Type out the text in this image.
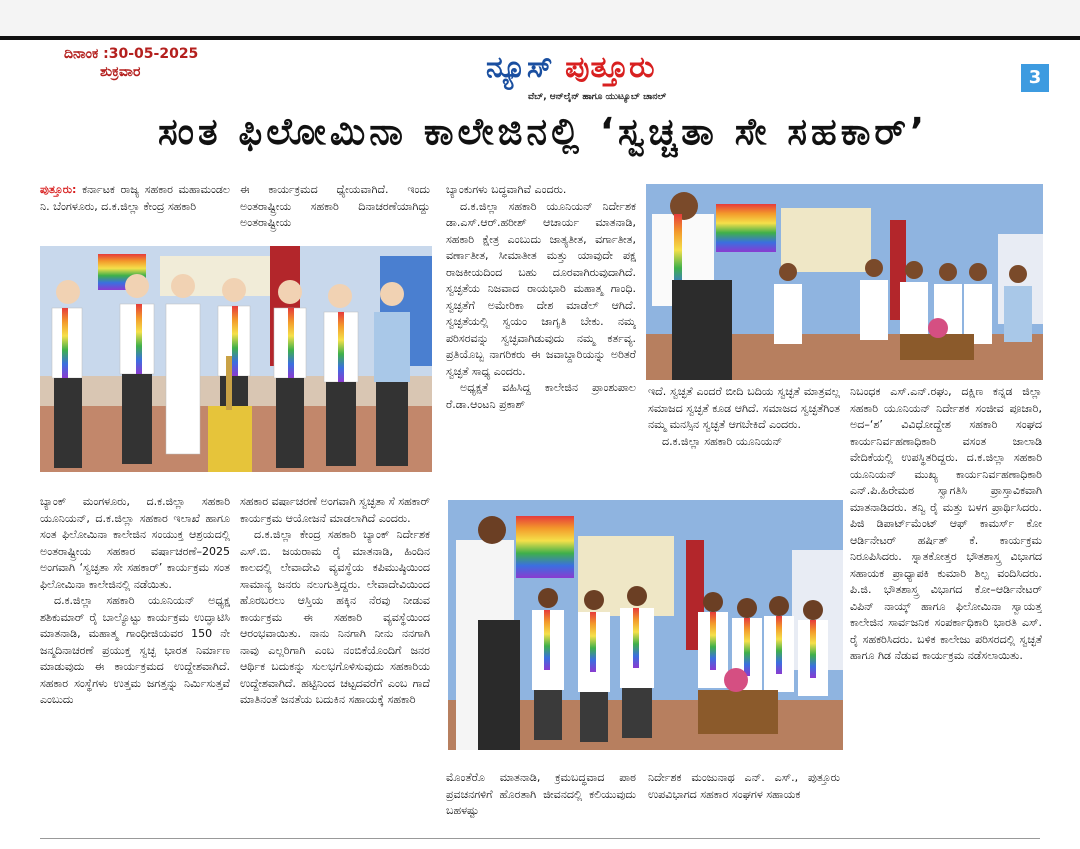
ದಿನಾಂಕ :30-05-2025
ಶುಕ್ರವಾರ	ನ್ಯೂಸ್ ಪುತ್ತೂರು
ವೆಬ್, ಆನ್‌ಲೈನ್ ಹಾಗೂ ಯುಟ್ಯೂಬ್ ಚಾನಲ್
3
ಸಂತ ಫಿಲೋಮಿನಾ ಕಾಲೇಜಿನಲ್ಲಿ ‘ಸ್ವಚ್ಚತಾ ಸೇ ಸಹಕಾರ್’

ಪುತ್ತೂರು: ಕರ್ನಾಟಕ ರಾಜ್ಯ ಸಹಕಾರ ಮಹಾಮಂಡಲ ನಿ. ಬೆಂಗಳೂರು, ದ.ಕ.ಜಿಲ್ಲಾ ಕೇಂದ್ರ ಸಹಕಾರಿ

ಬ್ಯಾಂಕ್ ಮಂಗಳೂರು, ದ.ಕ.ಜಿಲ್ಲಾ ಸಹಕಾರಿ ಯೂನಿಯನ್, ದ.ಕ.ಜಿಲ್ಲಾ ಸಹಕಾರ ಇಲಾಖೆ ಹಾಗೂ ಸಂತ ಫಿಲೋಮಿನಾ ಕಾಲೇಜಿನ ಸಂಯುಕ್ತ ಆಶ್ರಯದಲ್ಲಿ ಅಂತರಾಷ್ಟ್ರೀಯ ಸಹಕಾರ ವರ್ಷಾಚರಣೆ–2025 ಅಂಗವಾಗಿ ‘ಸ್ವಚ್ಛತಾ ಸೇ ಸಹಕಾರ್’ ಕಾರ್ಯಕ್ರಮ ಸಂತ ಫಿಲೋಮಿನಾ ಕಾಲೇಜಿನಲ್ಲಿ ನಡೆಯಿತು.

ದ.ಕ.ಜಿಲ್ಲಾ ಸಹಕಾರಿ ಯೂನಿಯನ್ ಅಧ್ಯಕ್ಷ ಶಶಿಕುಮಾರ್ ರೈ ಬಾಲ್ಯೊಟ್ಟು ಕಾರ್ಯಕ್ರಮ ಉದ್ಘಾಟಿಸಿ ಮಾತನಾಡಿ, ಮಹಾತ್ಮ ಗಾಂಧೀಜಿಯವರ 150 ನೇ ಜನ್ಮದಿನಾಚರಣೆ ಪ್ರಯುಕ್ತ ಸ್ವಚ್ಛ ಭಾರತ ನಿರ್ಮಾಣ ಮಾಡುವುದು ಈ ಕಾರ್ಯಕ್ರಮದ ಉದ್ದೇಶವಾಗಿದೆ. ಸಹಕಾರ ಸಂಸ್ಥೆಗಳು ಉತ್ತಮ ಜಗತ್ತನ್ನು ನಿರ್ಮಿಸುತ್ತವೆ ಎಂಬುದು

ಈ ಕಾರ್ಯಕ್ರಮದ ಧ್ಯೇಯವಾಗಿದೆ. ಇಂದು ಅಂತರಾಷ್ಟ್ರೀಯ ಸಹಕಾರಿ ದಿನಾಚರಣೆಯಾಗಿದ್ದು ಅಂತರಾಷ್ಟ್ರೀಯ

ಸಹಕಾರ ವರ್ಷಾಚರಣೆ ಅಂಗವಾಗಿ ಸ್ವಚ್ಛತಾ ಸೆ ಸಹಕಾರ್ ಕಾರ್ಯಕ್ರಮ ಆಯೋಜನೆ ಮಾಡಲಾಗಿದೆ ಎಂದರು.

ದ.ಕ.ಜಿಲ್ಲಾ ಕೇಂದ್ರ ಸಹಕಾರಿ ಬ್ಯಾಂಕ್ ನಿರ್ದೇಶಕ ಎಸ್.ಬಿ. ಜಯರಾಮ ರೈ ಮಾತನಾಡಿ, ಹಿಂದಿನ ಕಾಲದಲ್ಲಿ ಲೇವಾದೇವಿ ವ್ಯವಸ್ಥೆಯ ಕಪಿಮುಷ್ಠಿಯಿಂದ ಸಾಮಾನ್ಯ ಜನರು ನಲುಗುತ್ತಿದ್ದರು. ಲೇವಾದೇವಿಯಿಂದ ಹೊರಬರಲು ಆಸ್ತಿಯ ಹಕ್ಕಿನ ನೆರವು ನೀಡುವ ಕಾರ್ಯಕ್ರಮ ಈ ಸಹಕಾರಿ ವ್ಯವಸ್ಥೆಯಿಂದ ಆರಂಭವಾಯಿತು. ನಾನು ನಿನಗಾಗಿ ನೀನು ನನಗಾಗಿ ನಾವು ಎಲ್ಲರಿಗಾಗಿ ಎಂಬ ನಂಬಿಕೆಯೊಂದಿಗೆ ಜನರ ಆರ್ಥಿಕ ಬದುಕನ್ನು ಸುಲಭಗೊಳಿಸುವುದು ಸಹಕಾರಿಯ ಉದ್ದೇಶವಾಗಿದೆ. ಹಟ್ಟಿನಿಂದ ಚಟ್ಟದವರೆಗೆ ಎಂಬ ಗಾದೆ ಮಾತಿನಂತೆ ಜನತೆಯ ಬದುಕಿನ ಸಹಾಯಕ್ಕೆ ಸಹಕಾರಿ

ಬ್ಯಾಂಕುಗಳು ಬದ್ಧವಾಗಿವೆ ಎಂದರು.

ದ.ಕ.ಜಿಲ್ಲಾ ಸಹಕಾರಿ ಯೂನಿಯನ್ ನಿರ್ದೇಶಕ ಡಾ.ಎಸ್.ಆರ್.ಹರೀಶ್ ಆಚಾರ್ಯ ಮಾತನಾಡಿ, ಸಹಕಾರಿ ಕ್ಷೇತ್ರ ಎಂಬುದು ಜಾತ್ಯತೀತ, ವರ್ಗಾತೀತ, ವರ್ಣಾತೀತ, ಸೀಮಾತೀತ ಮತ್ತು ಯಾವುದೇ ಪಕ್ಷ ರಾಜಕೀಯದಿಂದ ಬಹು ದೂರವಾಗಿರುವುದಾಗಿದೆ. ಸ್ವಚ್ಛತೆಯ ನಿಜವಾದ ರಾಯಭಾರಿ ಮಹಾತ್ಮ ಗಾಂಧಿ. ಸ್ವಚ್ಛತೆಗೆ ಅಮೇರಿಕಾ ದೇಶ ಮಾಡೆಲ್ ಆಗಿದೆ. ಸ್ವಚ್ಛತೆಯಲ್ಲಿ ಸ್ವಯಂ ಜಾಗೃತಿ ಬೇಕು. ನಮ್ಮ ಪರಿಸರವನ್ನು ಸ್ವಚ್ಛವಾಗಿಡುವುದು ನಮ್ಮ ಕರ್ತವ್ಯ. ಪ್ರತಿಯೊಬ್ಬ ನಾಗರಿಕರು ಈ ಜವಾಬ್ದಾರಿಯನ್ನು ಅರಿತರೆ ಸ್ವಚ್ಛತೆ ಸಾಧ್ಯ ಎಂದರು.

ಅಧ್ಯಕ್ಷತೆ ವಹಿಸಿದ್ದ ಕಾಲೇಜಿನ ಪ್ರಾಂಶುಪಾಲ ರೆ.ಡಾ.ಆಂಟನಿ ಪ್ರಕಾಶ್

ಮೊಂತೆರೊ ಮಾತನಾಡಿ, ಕ್ರಮಬದ್ಧವಾದ ಪಾಠ ಪ್ರವಚನಗಳಿಗೆ ಹೊರತಾಗಿ ಜೀವನದಲ್ಲಿ ಕಲಿಯುವುದು ಬಹಳಷ್ಟು

ಇದೆ. ಸ್ವಚ್ಛತೆ ಎಂದರೆ ಬೀದಿ ಬದಿಯ ಸ್ವಚ್ಛತೆ ಮಾತ್ರವಲ್ಲ ಸಮಾಜದ ಸ್ವಚ್ಛತೆ ಕೂಡ ಆಗಿದೆ. ಸಮಾಜದ ಸ್ವಚ್ಛತೆಗಿಂತ ನಮ್ಮ ಮನಸ್ಸಿನ ಸ್ವಚ್ಛತೆ ಆಗಬೇಕಿದೆ ಎಂದರು.

ದ.ಕ.ಜಿಲ್ಲಾ ಸಹಕಾರಿ ಯೂನಿಯನ್

ನಿರ್ದೇಶಕ ಮಂಜುನಾಥ ಎನ್. ಎಸ್., ಪುತ್ತೂರು ಉಪವಿಭಾಗದ ಸಹಕಾರ ಸಂಘಗಳ ಸಹಾಯಕ
ನಿಬಂಧಕ ಎಸ್.ಎನ್.ರಘು, ದಕ್ಷಿಣ ಕನ್ನಡ ಜಿಲ್ಲಾ ಸಹಕಾರಿ ಯೂನಿಯನ್ ನಿರ್ದೇಶಕ ಸಂಜೀವ ಪೂಜಾರಿ, ಅದ–‘ಶ’ ವಿವಿಧೋದ್ದೇಶ ಸಹಕಾರಿ ಸಂಘದ ಕಾರ್ಯನಿರ್ವಹಣಾಧಿಕಾರಿ ವಸಂತ ಜಾಲಾಡಿ ವೇದಿಕೆಯಲ್ಲಿ ಉಪಸ್ಥಿತರಿದ್ದರು. ದ.ಕ.ಜಿಲ್ಲಾ ಸಹಕಾರಿ ಯೂನಿಯನ್ ಮುಖ್ಯ ಕಾರ್ಯನಿರ್ವಹಣಾಧಿಕಾರಿ ಎನ್.ಪಿ.ಹಿರೇಮಠ ಸ್ವಾಗತಿಸಿ ಪ್ರಾಸ್ತಾವಿಕವಾಗಿ ಮಾತನಾಡಿದರು. ತನ್ವಿ ರೈ ಮತ್ತು ಬಳಗ ಪ್ರಾರ್ಥಿಸಿದರು. ಪಿಜಿ ಡಿಪಾರ್ಟ್‌ಮೆಂಟ್ ಆಫ್ ಕಾಮರ್ಸ್ ಕೋ ಆರ್ಡಿನೇಟರ್ ಹರ್ಷಿತ್ ಕೆ. ಕಾರ್ಯಕ್ರಮ ನಿರೂಪಿಸಿದರು. ಸ್ನಾತಕೋತ್ತರ ಭೌತಶಾಸ್ತ್ರ ವಿಭಾಗದ ಸಹಾಯಕ ಪ್ರಾಧ್ಯಾಪಕಿ ಕುಮಾರಿ ಶಿಲ್ಪ ವಂದಿಸಿದರು. ಪಿ.ಜಿ. ಭೌತಶಾಸ್ತ್ರ ವಿಭಾಗದ ಕೋ–ಆರ್ಡಿನೇಟರ್ ವಿಪಿನ್ ನಾಯ್ಕ್ ಹಾಗೂ ಫಿಲೋಮಿನಾ ಸ್ವಾಯತ್ತ ಕಾಲೇಜಿನ ಸಾರ್ವಜನಿಕ ಸಂಪರ್ಕಾಧಿಕಾರಿ ಭಾರತಿ ಎಸ್. ರೈ ಸಹಕರಿಸಿದರು. ಬಳಿಕ ಕಾಲೇಜು ಪರಿಸರದಲ್ಲಿ ಸ್ವಚ್ಛತೆ ಹಾಗೂ ಗಿಡ ನೆಡುವ ಕಾರ್ಯಕ್ರಮ ನಡೆಸಲಾಯಿತು.
